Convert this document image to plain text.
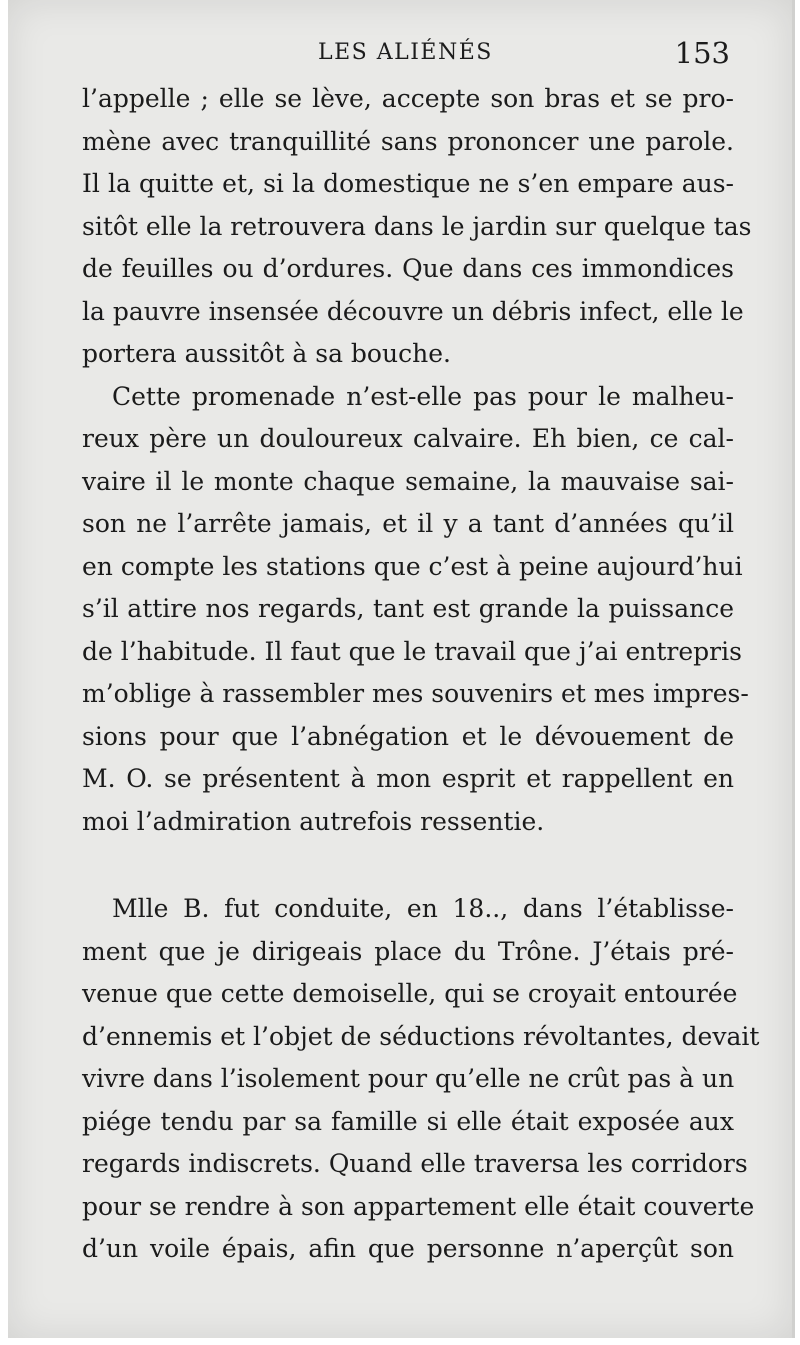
LES ALIÉNÉS	153
l’appelle ; elle se lève, accepte son bras et se pro-
mène avec tranquillité sans prononcer une parole.
Il la quitte et, si la domestique ne s’en empare aus-
sitôt elle la retrouvera dans le jardin sur quelque tas
de feuilles ou d’ordures. Que dans ces immondices
la pauvre insensée découvre un débris infect, elle le
portera aussitôt à sa bouche.
Cette promenade n’est-elle pas pour le malheu-
reux père un douloureux calvaire. Eh bien, ce cal-
vaire il le monte chaque semaine, la mauvaise sai-
son ne l’arrête jamais, et il y a tant d’années qu’il
en compte les stations que c’est à peine aujourd’hui
s’il attire nos regards, tant est grande la puissance
de l’habitude. Il faut que le travail que j’ai entrepris
m’oblige à rassembler mes souvenirs et mes impres-
sions pour que l’abnégation et le dévouement de
M. O. se présentent à mon esprit et rappellent en
moi l’admiration autrefois ressentie.
Mlle B. fut conduite, en 18.., dans l’établisse-
ment que je dirigeais place du Trône. J’étais pré-
venue que cette demoiselle, qui se croyait entourée
d’ennemis et l’objet de séductions révoltantes, devait
vivre dans l’isolement pour qu’elle ne crût pas à un
piége tendu par sa famille si elle était exposée aux
regards indiscrets. Quand elle traversa les corridors
pour se rendre à son appartement elle était couverte
d’un voile épais, afin que personne n’aperçût son
